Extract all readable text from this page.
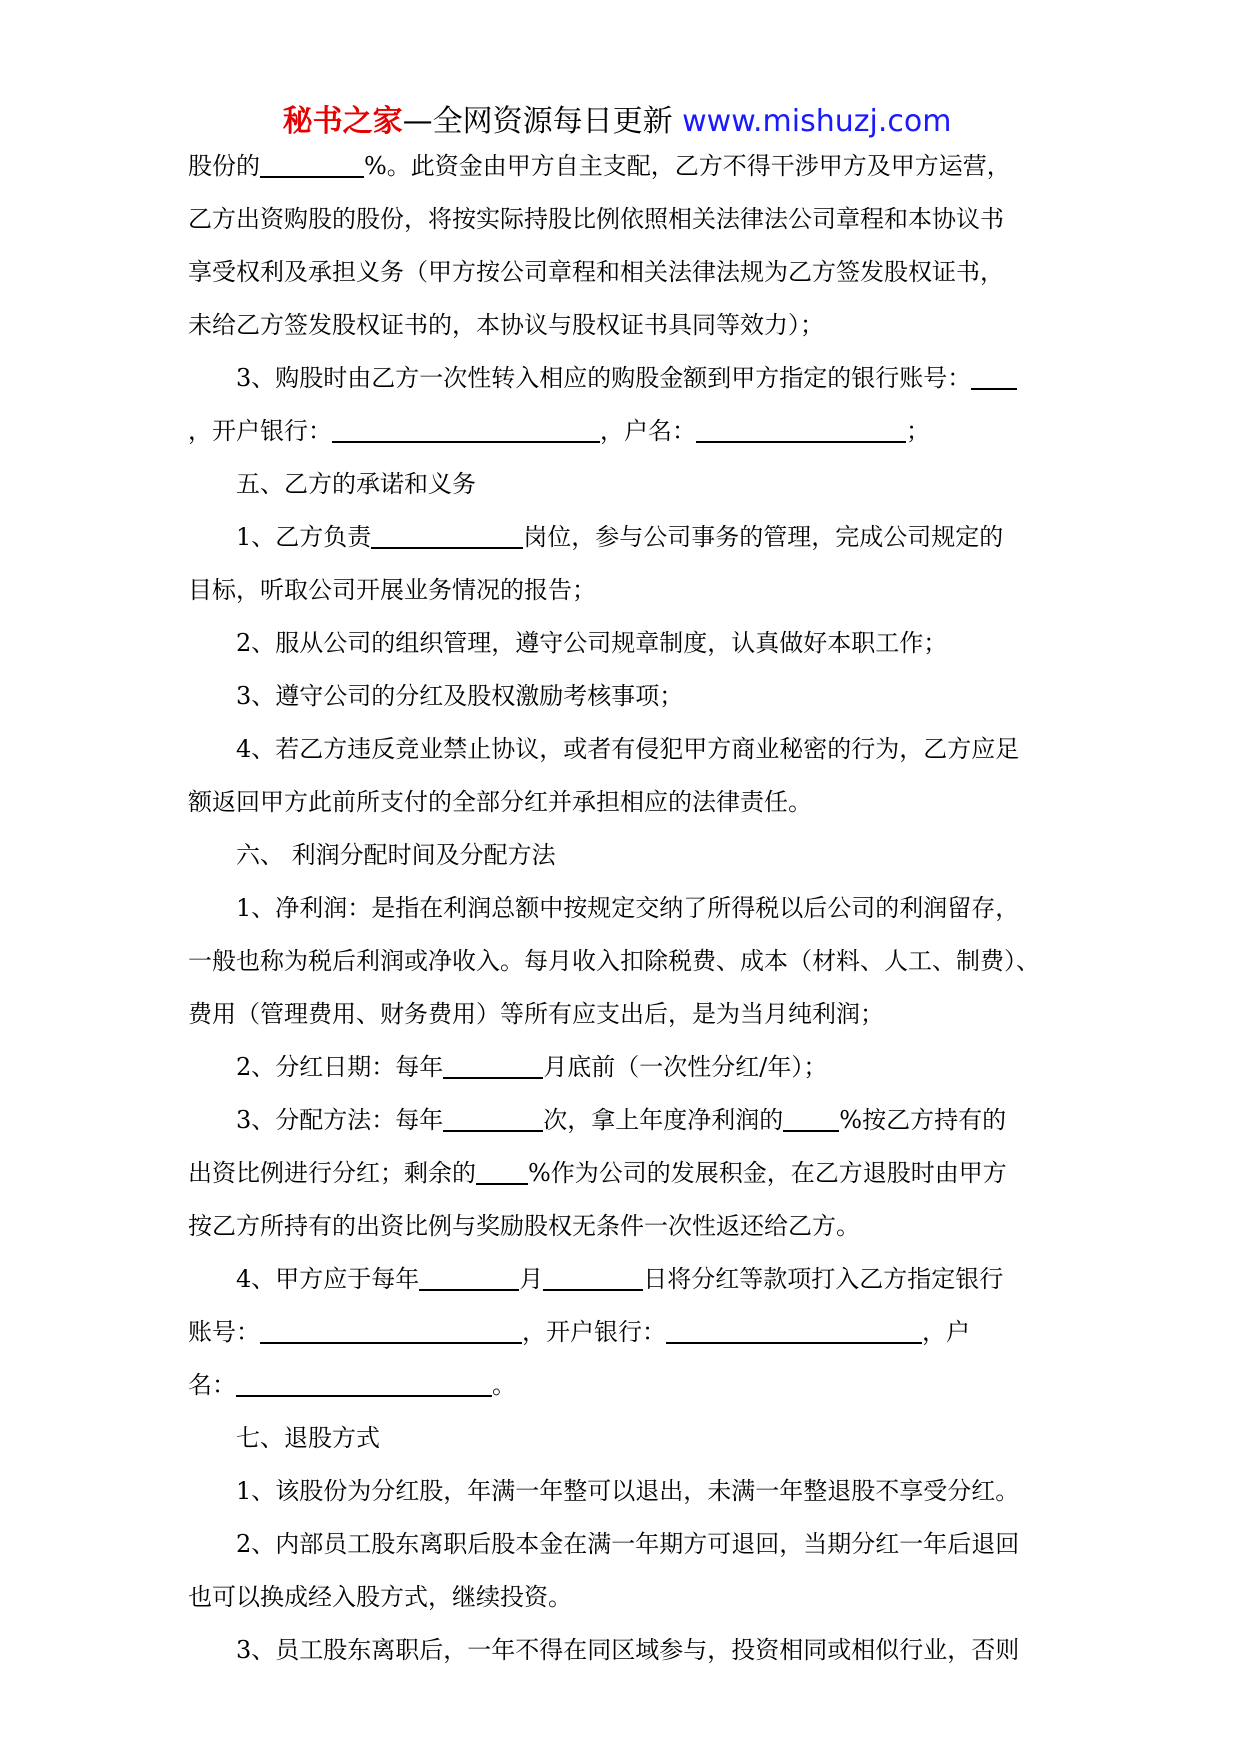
秘书之家—全网资源每日更新 www.mishuzj.com
股份的	%。此资金由甲方自主支配，乙方不得干涉甲方及甲方运营，
乙方出资购股的股份，将按实际持股比例依照相关法律法公司章程和本协议书
享受权利及承担义务（甲方按公司章程和相关法律法规为乙方签发股权证书，
未给乙方签发股权证书的，本协议与股权证书具同等效力）；
3、购股时由乙方一次性转入相应的购股金额到甲方指定的银行账号：
，开户银行：	，户名：	；
五、乙方的承诺和义务
1、乙方负责	岗位，参与公司事务的管理，完成公司规定的
目标，听取公司开展业务情况的报告；
2、服从公司的组织管理，遵守公司规章制度，认真做好本职工作；
3、遵守公司的分红及股权激励考核事项；
4、若乙方违反竞业禁止协议，或者有侵犯甲方商业秘密的行为，乙方应足
额返回甲方此前所支付的全部分红并承担相应的法律责任。
六、 利润分配时间及分配方法
1、净利润：是指在利润总额中按规定交纳了所得税以后公司的利润留存，
一般也称为税后利润或净收入。每月收入扣除税费、成本（材料、人工、制费）、
费用（管理费用、财务费用）等所有应支出后，是为当月纯利润；
2、分红日期：每年	月底前（一次性分红/年）；
3、分配方法：每年	次，拿上年度净利润的 %按乙方持有的
出资比例进行分红；剩余的 %作为公司的发展积金，在乙方退股时由甲方
按乙方所持有的出资比例与奖励股权无条件一次性返还给乙方。
4、甲方应于每年	月	日将分红等款项打入乙方指定银行
账号：	，开户银行：	，户
名：	。
七、退股方式
1、该股份为分红股，年满一年整可以退出，未满一年整退股不享受分红。
2、内部员工股东离职后股本金在满一年期方可退回，当期分红一年后退回
也可以换成经入股方式，继续投资。
3、员工股东离职后，一年不得在同区域参与，投资相同或相似行业，否则
